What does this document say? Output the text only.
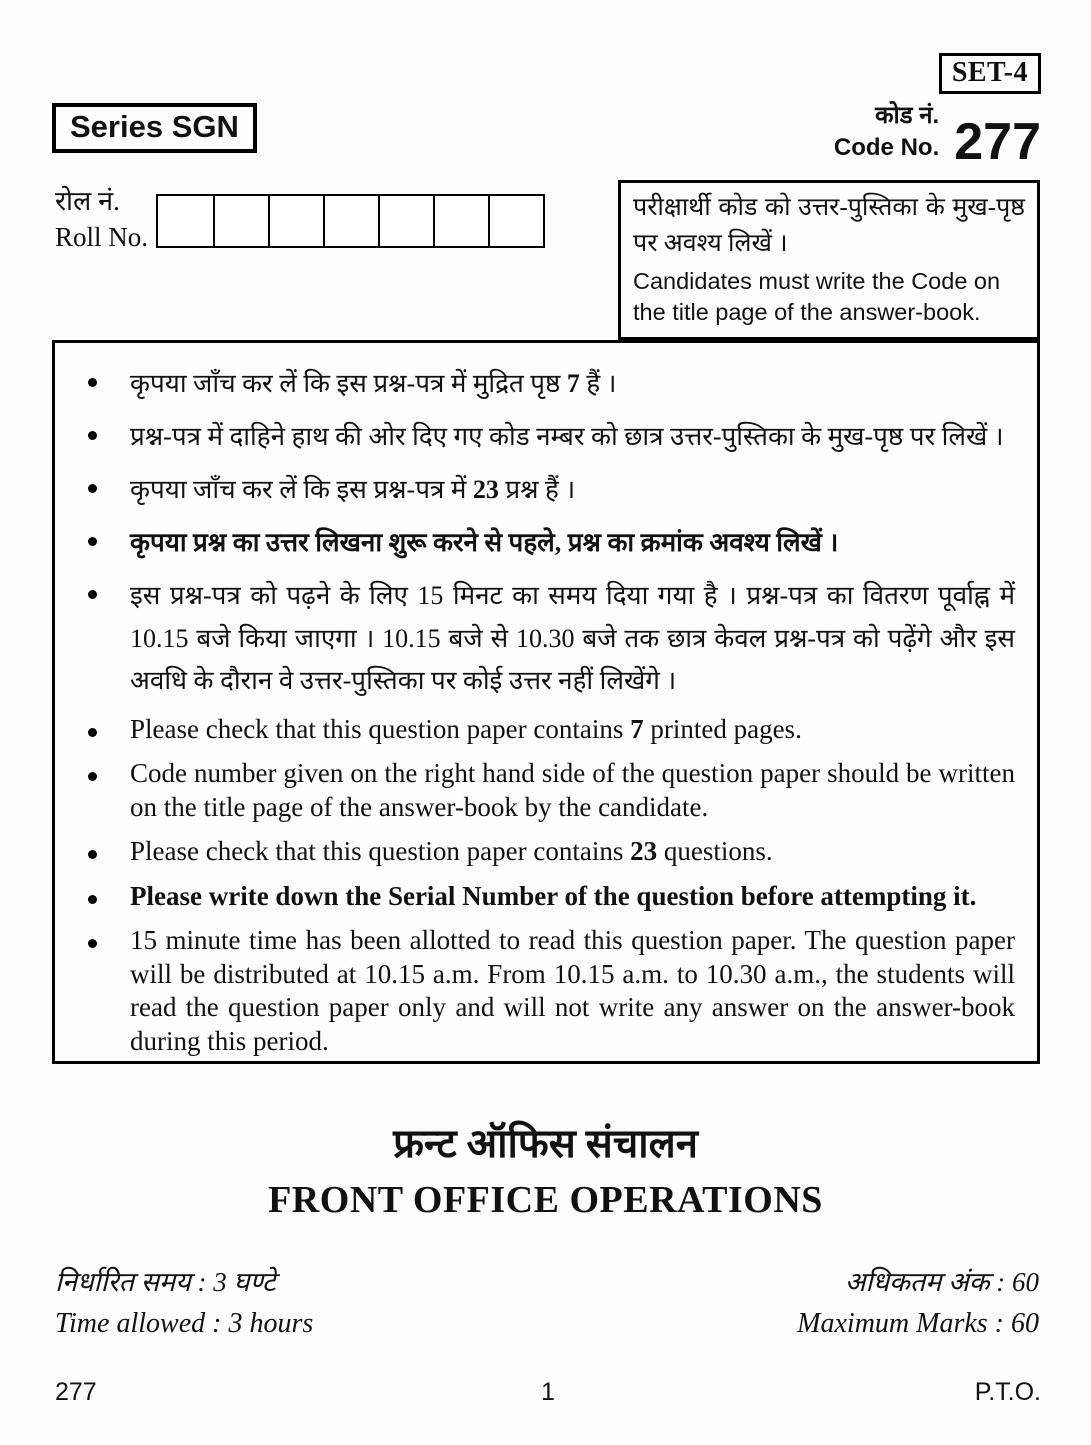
SET-4
Series SGN	कोड नं.
Code No. 277
रोल नं.
Roll No.
परीक्षार्थी कोड को उत्तर-पुस्तिका के मुख-पृष्ठ पर अवश्य लिखें ।
Candidates must write the Code on the title page of the answer-book.
कृपया जाँच कर लें कि इस प्रश्न-पत्र में मुद्रित पृष्ठ 7 हैं ।
प्रश्न-पत्र में दाहिने हाथ की ओर दिए गए कोड नम्बर को छात्र उत्तर-पुस्तिका के मुख-पृष्ठ पर लिखें ।
कृपया जाँच कर लें कि इस प्रश्न-पत्र में 23 प्रश्न हैं ।
कृपया प्रश्न का उत्तर लिखना शुरू करने से पहले, प्रश्न का क्रमांक अवश्य लिखें ।
इस प्रश्न-पत्र को पढ़ने के लिए 15 मिनट का समय दिया गया है । प्रश्न-पत्र का वितरण पूर्वाह्न में 10.15 बजे किया जाएगा । 10.15 बजे से 10.30 बजे तक छात्र केवल प्रश्न-पत्र को पढ़ेंगे और इस अवधि के दौरान वे उत्तर-पुस्तिका पर कोई उत्तर नहीं लिखेंगे ।
Please check that this question paper contains 7 printed pages.
Code number given on the right hand side of the question paper should be written on the title page of the answer-book by the candidate.
Please check that this question paper contains 23 questions.
Please write down the Serial Number of the question before attempting it.
15 minute time has been allotted to read this question paper. The question paper will be distributed at 10.15 a.m. From 10.15 a.m. to 10.30 a.m., the students will read the question paper only and will not write any answer on the answer-book during this period.
फ्रन्ट ऑफिस संचालन
FRONT OFFICE OPERATIONS
निर्धारित समय : 3 घण्टे	अधिकतम अंक : 60
Time allowed : 3 hours	Maximum Marks : 60
277	1	P.T.O.
